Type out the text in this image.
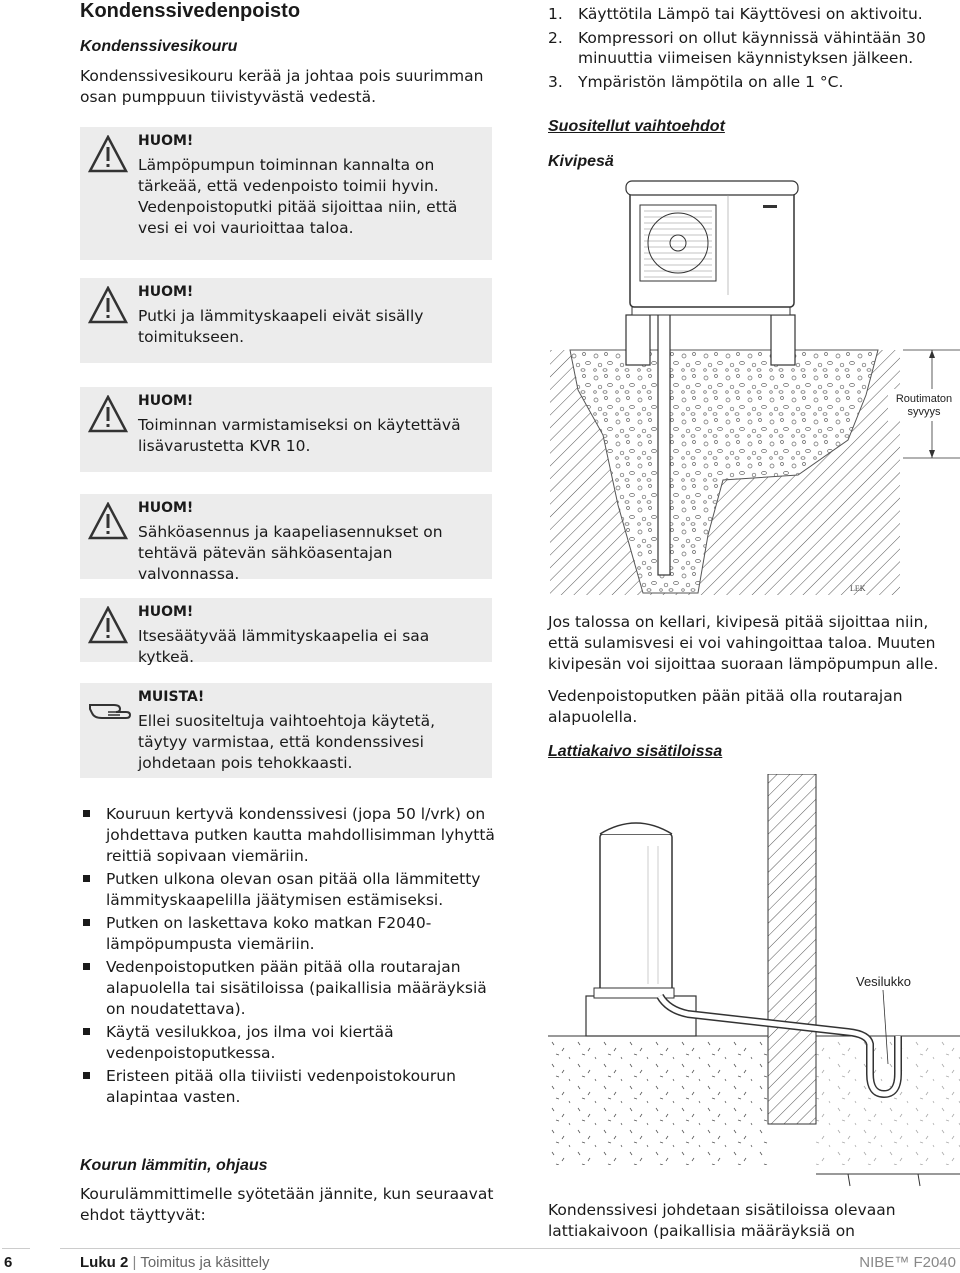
Kondenssivedenpoisto
Kondenssivesikouru
Kondenssivesikouru kerää ja johtaa pois suurimman osan pumppuun tiivistyvästä vedestä.
HUOM!
Lämpöpumpun toiminnan kannalta on tärkeää, että vedenpoisto toimii hyvin. Vedenpoistoputki pitää sijoittaa niin, että vesi ei voi vaurioittaa taloa.
HUOM!
Putki ja lämmityskaapeli eivät sisälly toimitukseen.
HUOM!
Toiminnan varmistamiseksi on käytettävä lisävarustetta KVR 10.
HUOM!
Sähköasennus ja kaapeliasennukset on tehtävä pätevän sähköasentajan valvonnassa.
HUOM!
Itsesäätyvää lämmityskaapelia ei saa kytkeä.
MUISTA!
Ellei suositeltuja vaihtoehtoja käytetä, täytyy varmistaa, että kondenssivesi johdetaan pois tehokkaasti.
Kouruun kertyvä kondenssivesi (jopa 50 l/vrk) on johdettava putken kautta mahdollisimman lyhyttä reittiä sopivaan viemäriin.
Putken ulkona olevan osan pitää olla lämmitetty lämmityskaapelilla jäätymisen estämiseksi.
Putken on laskettava koko matkan F2040-lämpöpumpusta viemäriin.
Vedenpoistoputken pään pitää olla routarajan alapuolella tai sisätiloissa (paikallisia määräyksiä on noudatettava).
Käytä vesilukkoa, jos ilma voi kiertää vedenpoistoputkessa.
Eristeen pitää olla tiiviisti vedenpoistokourun alapintaa vasten.
Kourun lämmitin, ohjaus
Kourulämmittimelle syötetään jännite, kun seuraavat ehdot täyttyvät:
1. Käyttötila Lämpö tai Käyttövesi on aktivoitu.
2. Kompressori on ollut käynnissä vähintään 30 minuuttia viimeisen käynnistyksen jälkeen.
3. Ympäristön lämpötila on alle 1 °C.
Suositellut vaihtoehdot
Kivipesä
Routimaton
syvyys
LEK
Jos talossa on kellari, kivipesä pitää sijoittaa niin, että sulamisvesi ei voi vahingoittaa taloa. Muuten kivipesän voi sijoittaa suoraan lämpöpumpun alle.
Vedenpoistoputken pään pitää olla routarajan alapuolella.
Lattiakaivo sisätiloissa
Vesilukko
Kondenssivesi johdetaan sisätiloissa olevaan lattiakaivoon (paikallisia määräyksiä on
6	Luku 2 | Toimitus ja käsittely	NIBE™ F2040
